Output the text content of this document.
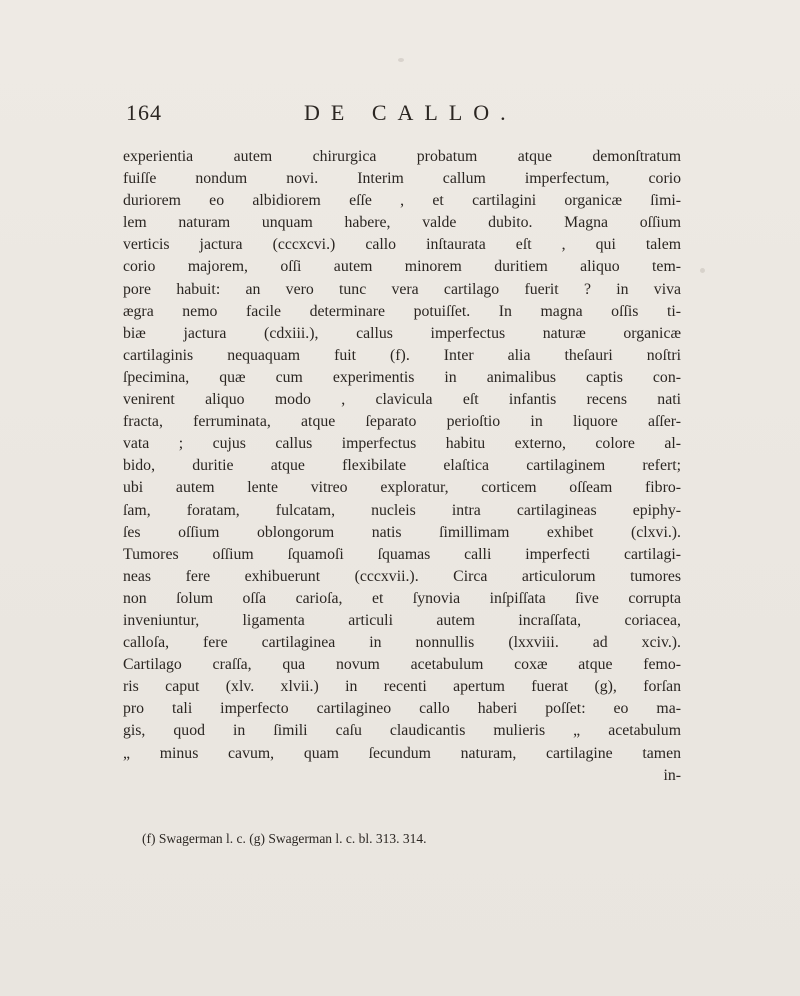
164	DE CALLO.
experientia autem chirurgica probatum atque demonſtratum
fuiſſe nondum novi. Interim callum imperfectum, corio
duriorem eo albidiorem eſſe , et cartilagini organicæ ſimi-
lem naturam unquam habere, valde dubito. Magna oſſium
verticis jactura (cccxcvi.) callo inſtaurata eſt , qui talem
corio majorem, oſſi autem minorem duritiem aliquo tem-
pore habuit: an vero tunc vera cartilago fuerit ? in viva
ægra nemo facile determinare potuiſſet. In magna oſſis ti-
biæ jactura (cdxiii.), callus imperfectus naturæ organicæ
cartilaginis nequaquam fuit (f). Inter alia theſauri noſtri
ſpecimina, quæ cum experimentis in animalibus captis con-
venirent aliquo modo , clavicula eſt infantis recens nati
fracta, ferruminata, atque ſeparato perioſtio in liquore aſſer-
vata ; cujus callus imperfectus habitu externo, colore al-
bido, duritie atque flexibilate elaſtica cartilaginem refert;
ubi autem lente vitreo exploratur, corticem oſſeam fibro-
ſam, foratam, fulcatam, nucleis intra cartilagineas epiphy-
ſes oſſium oblongorum natis ſimillimam exhibet (clxvi.).
Tumores oſſium ſquamoſi ſquamas calli imperfecti cartilagi-
neas fere exhibuerunt (cccxvii.). Circa articulorum tumores
non ſolum oſſa carioſa, et ſynovia inſpiſſata ſive corrupta
inveniuntur, ligamenta articuli autem incraſſata, coriacea,
calloſa, fere cartilaginea in nonnullis (lxxviii. ad xciv.).
Cartilago craſſa, qua novum acetabulum coxæ atque femo-
ris caput (xlv. xlvii.) in recenti apertum fuerat (g), forſan
pro tali imperfecto cartilagineo callo haberi poſſet: eo ma-
gis, quod in ſimili caſu claudicantis mulieris „ acetabulum
„ minus cavum, quam ſecundum naturam, cartilagine tamen
in-
(f) Swagerman l. c. (g) Swagerman l. c. bl. 313. 314.
